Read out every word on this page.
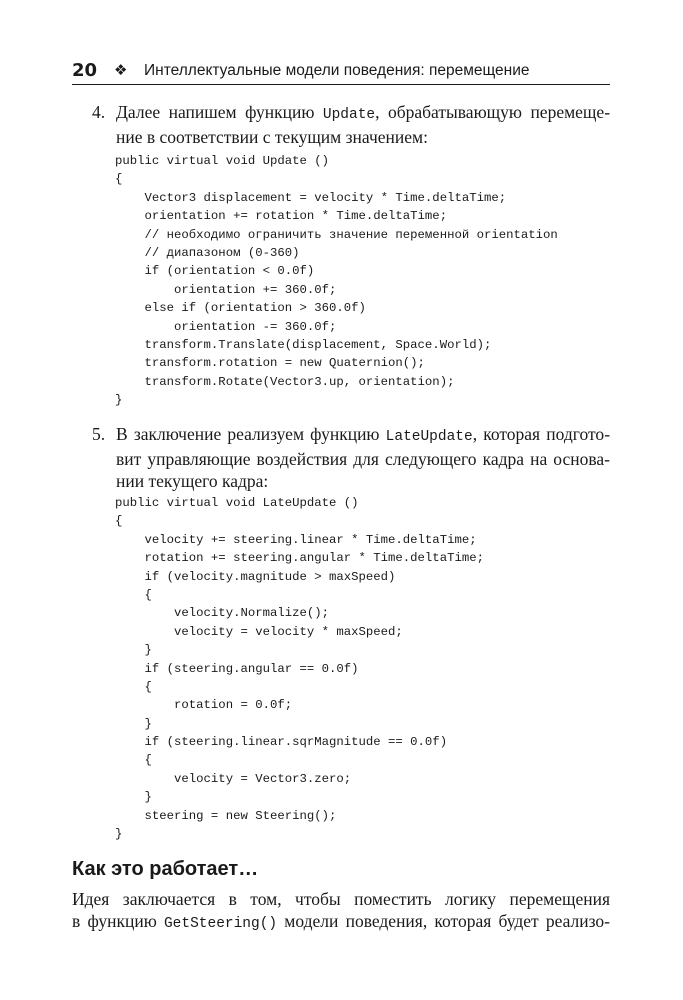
20 ❖ Интеллектуальные модели поведения: перемещение
4. Далее напишем функцию Update, обрабатывающую перемещение в соответствии с текущим значением:
public virtual void Update ()
{
Vector3 displacement = velocity * Time.deltaTime;
orientation += rotation * Time.deltaTime;
// необходимо ограничить значение переменной orientation
// диапазоном (0-360)
if (orientation < 0.0f)
orientation += 360.0f;
else if (orientation > 360.0f)
orientation -= 360.0f;
transform.Translate(displacement, Space.World);
transform.rotation = new Quaternion();
transform.Rotate(Vector3.up, orientation);
}
5. В заключение реализуем функцию LateUpdate, которая подготовит управляющие воздействия для следующего кадра на основании текущего кадра:
public virtual void LateUpdate ()
{
velocity += steering.linear * Time.deltaTime;
rotation += steering.angular * Time.deltaTime;
if (velocity.magnitude > maxSpeed)
{
velocity.Normalize();
velocity = velocity * maxSpeed;
}
if (steering.angular == 0.0f)
{
rotation = 0.0f;
}
if (steering.linear.sqrMagnitude == 0.0f)
{
velocity = Vector3.zero;
}
steering = new Steering();
}
Как это работает…
Идея заключается в том, чтобы поместить логику перемещения
в функцию GetSteering() модели поведения, которая будет реализо-
